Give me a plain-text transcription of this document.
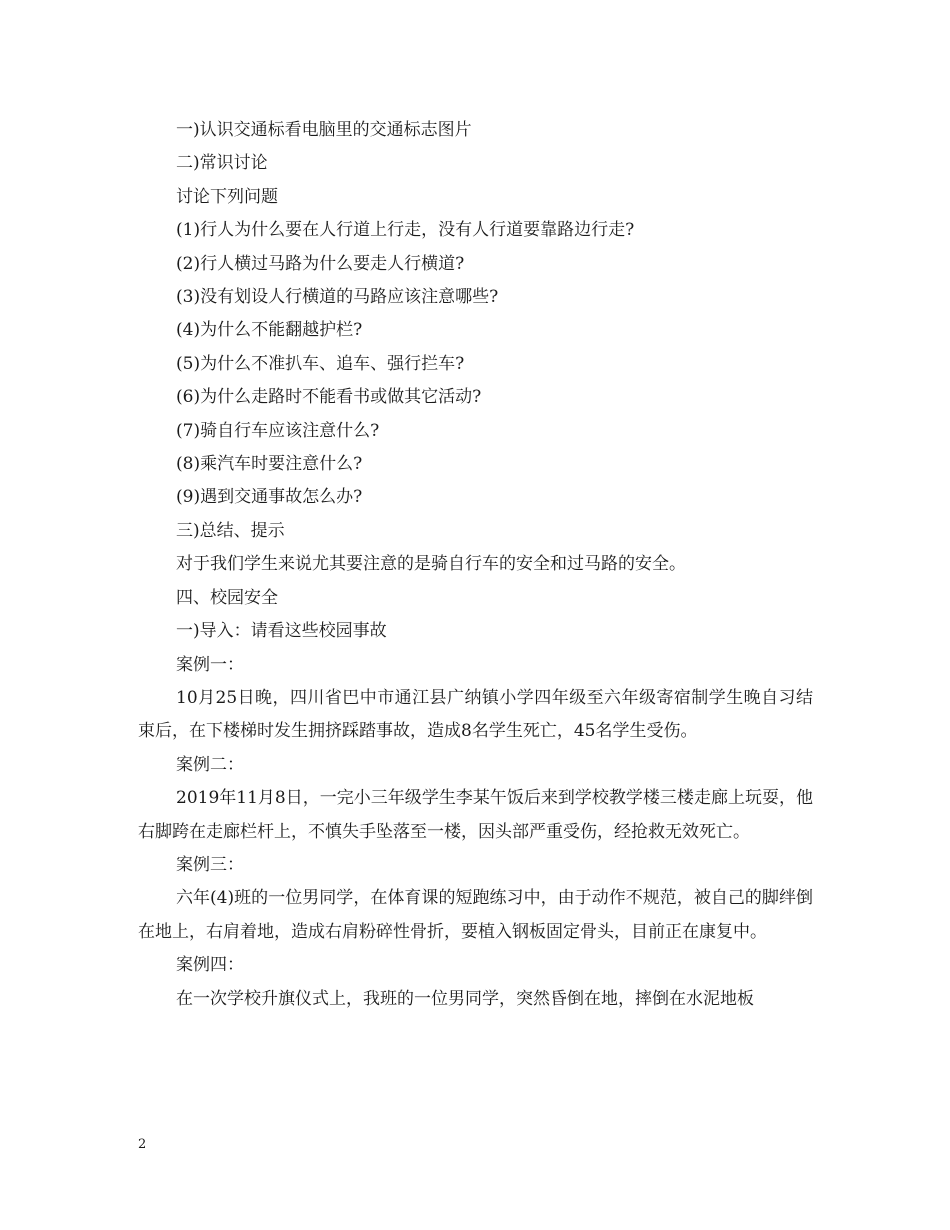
一)认识交通标看电脑里的交通标志图片

二)常识讨论

讨论下列问题

(1)行人为什么要在人行道上行走，没有人行道要靠路边行走?

(2)行人横过马路为什么要走人行横道?

(3)没有划设人行横道的马路应该注意哪些?

(4)为什么不能翻越护栏?

(5)为什么不准扒车、追车、强行拦车?

(6)为什么走路时不能看书或做其它活动?

(7)骑自行车应该注意什么?

(8)乘汽车时要注意什么?

(9)遇到交通事故怎么办?

三)总结、提示

对于我们学生来说尤其要注意的是骑自行车的安全和过马路的安全。

四、校园安全

一)导入：请看这些校园事故

案例一：

10月25日晚，四川省巴中市通江县广纳镇小学四年级至六年级寄宿制学生晚自习结束后，在下楼梯时发生拥挤踩踏事故，造成8名学生死亡，45名学生受伤。

案例二：

2019年11月8日，一完小三年级学生李某午饭后来到学校教学楼三楼走廊上玩耍，他右脚跨在走廊栏杆上，不慎失手坠落至一楼，因头部严重受伤，经抢救无效死亡。

案例三：

六年(4)班的一位男同学，在体育课的短跑练习中，由于动作不规范，被自己的脚绊倒在地上，右肩着地，造成右肩粉碎性骨折，要植入钢板固定骨头，目前正在康复中。

案例四：

在一次学校升旗仪式上，我班的一位男同学，突然昏倒在地，摔倒在水泥地板

2
